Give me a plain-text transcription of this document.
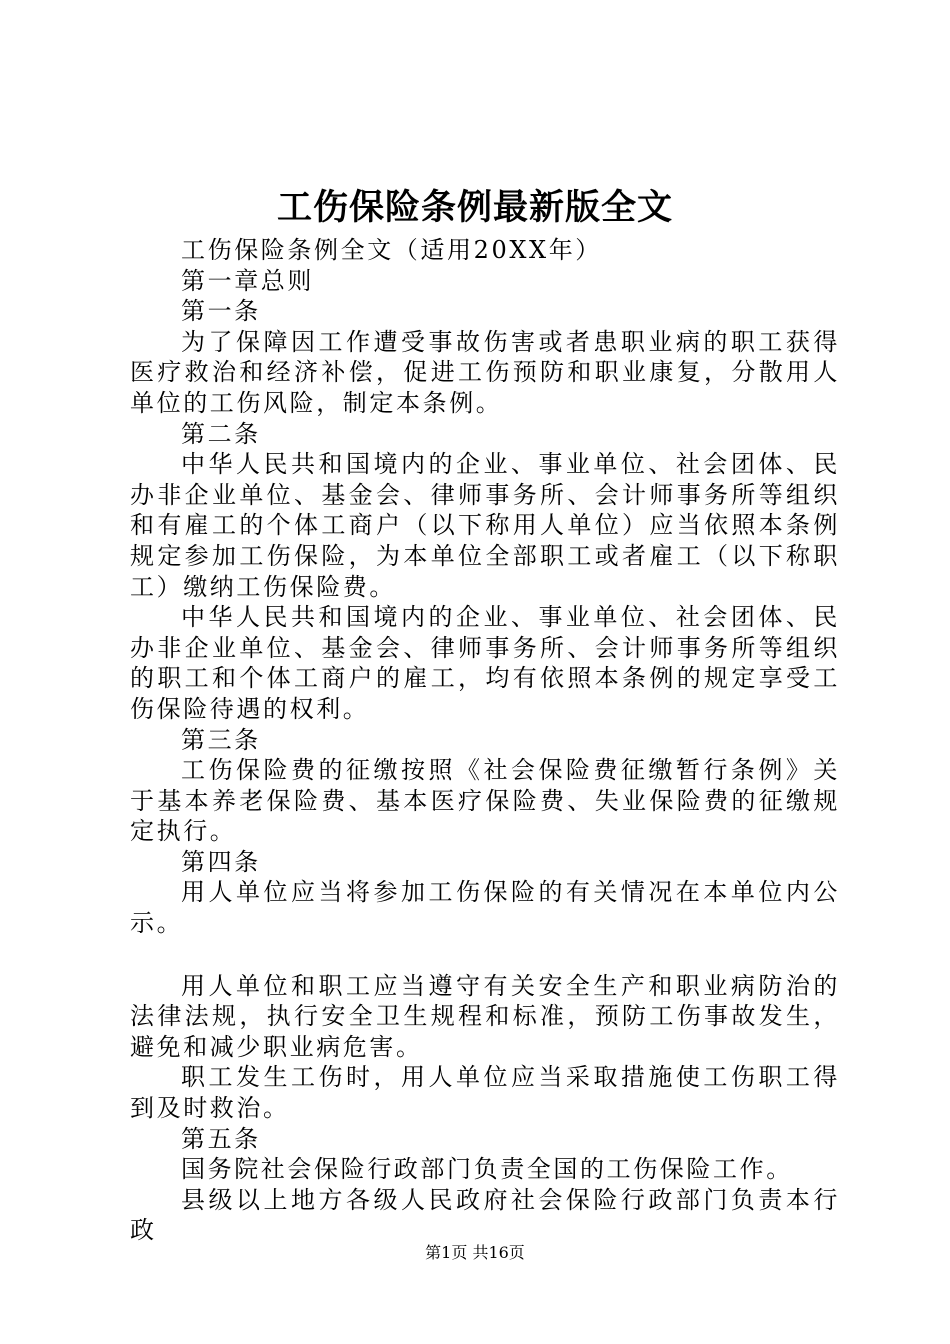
工伤保险条例最新版全文

工伤保险条例全文（适用20XX年）

第一章总则

第一条

为了保障因工作遭受事故伤害或者患职业病的职工获得医疗救治和经济补偿，促进工伤预防和职业康复，分散用人单位的工伤风险，制定本条例。

第二条

中华人民共和国境内的企业、事业单位、社会团体、民办非企业单位、基金会、律师事务所、会计师事务所等组织和有雇工的个体工商户（以下称用人单位）应当依照本条例规定参加工伤保险，为本单位全部职工或者雇工（以下称职工）缴纳工伤保险费。

中华人民共和国境内的企业、事业单位、社会团体、民办非企业单位、基金会、律师事务所、会计师事务所等组织的职工和个体工商户的雇工，均有依照本条例的规定享受工伤保险待遇的权利。

第三条

工伤保险费的征缴按照《社会保险费征缴暂行条例》关于基本养老保险费、基本医疗保险费、失业保险费的征缴规定执行。

第四条

用人单位应当将参加工伤保险的有关情况在本单位内公示。

用人单位和职工应当遵守有关安全生产和职业病防治的法律法规，执行安全卫生规程和标准，预防工伤事故发生，避免和减少职业病危害。

职工发生工伤时，用人单位应当采取措施使工伤职工得到及时救治。

第五条

国务院社会保险行政部门负责全国的工伤保险工作。

县级以上地方各级人民政府社会保险行政部门负责本行政

第1页 共16页
